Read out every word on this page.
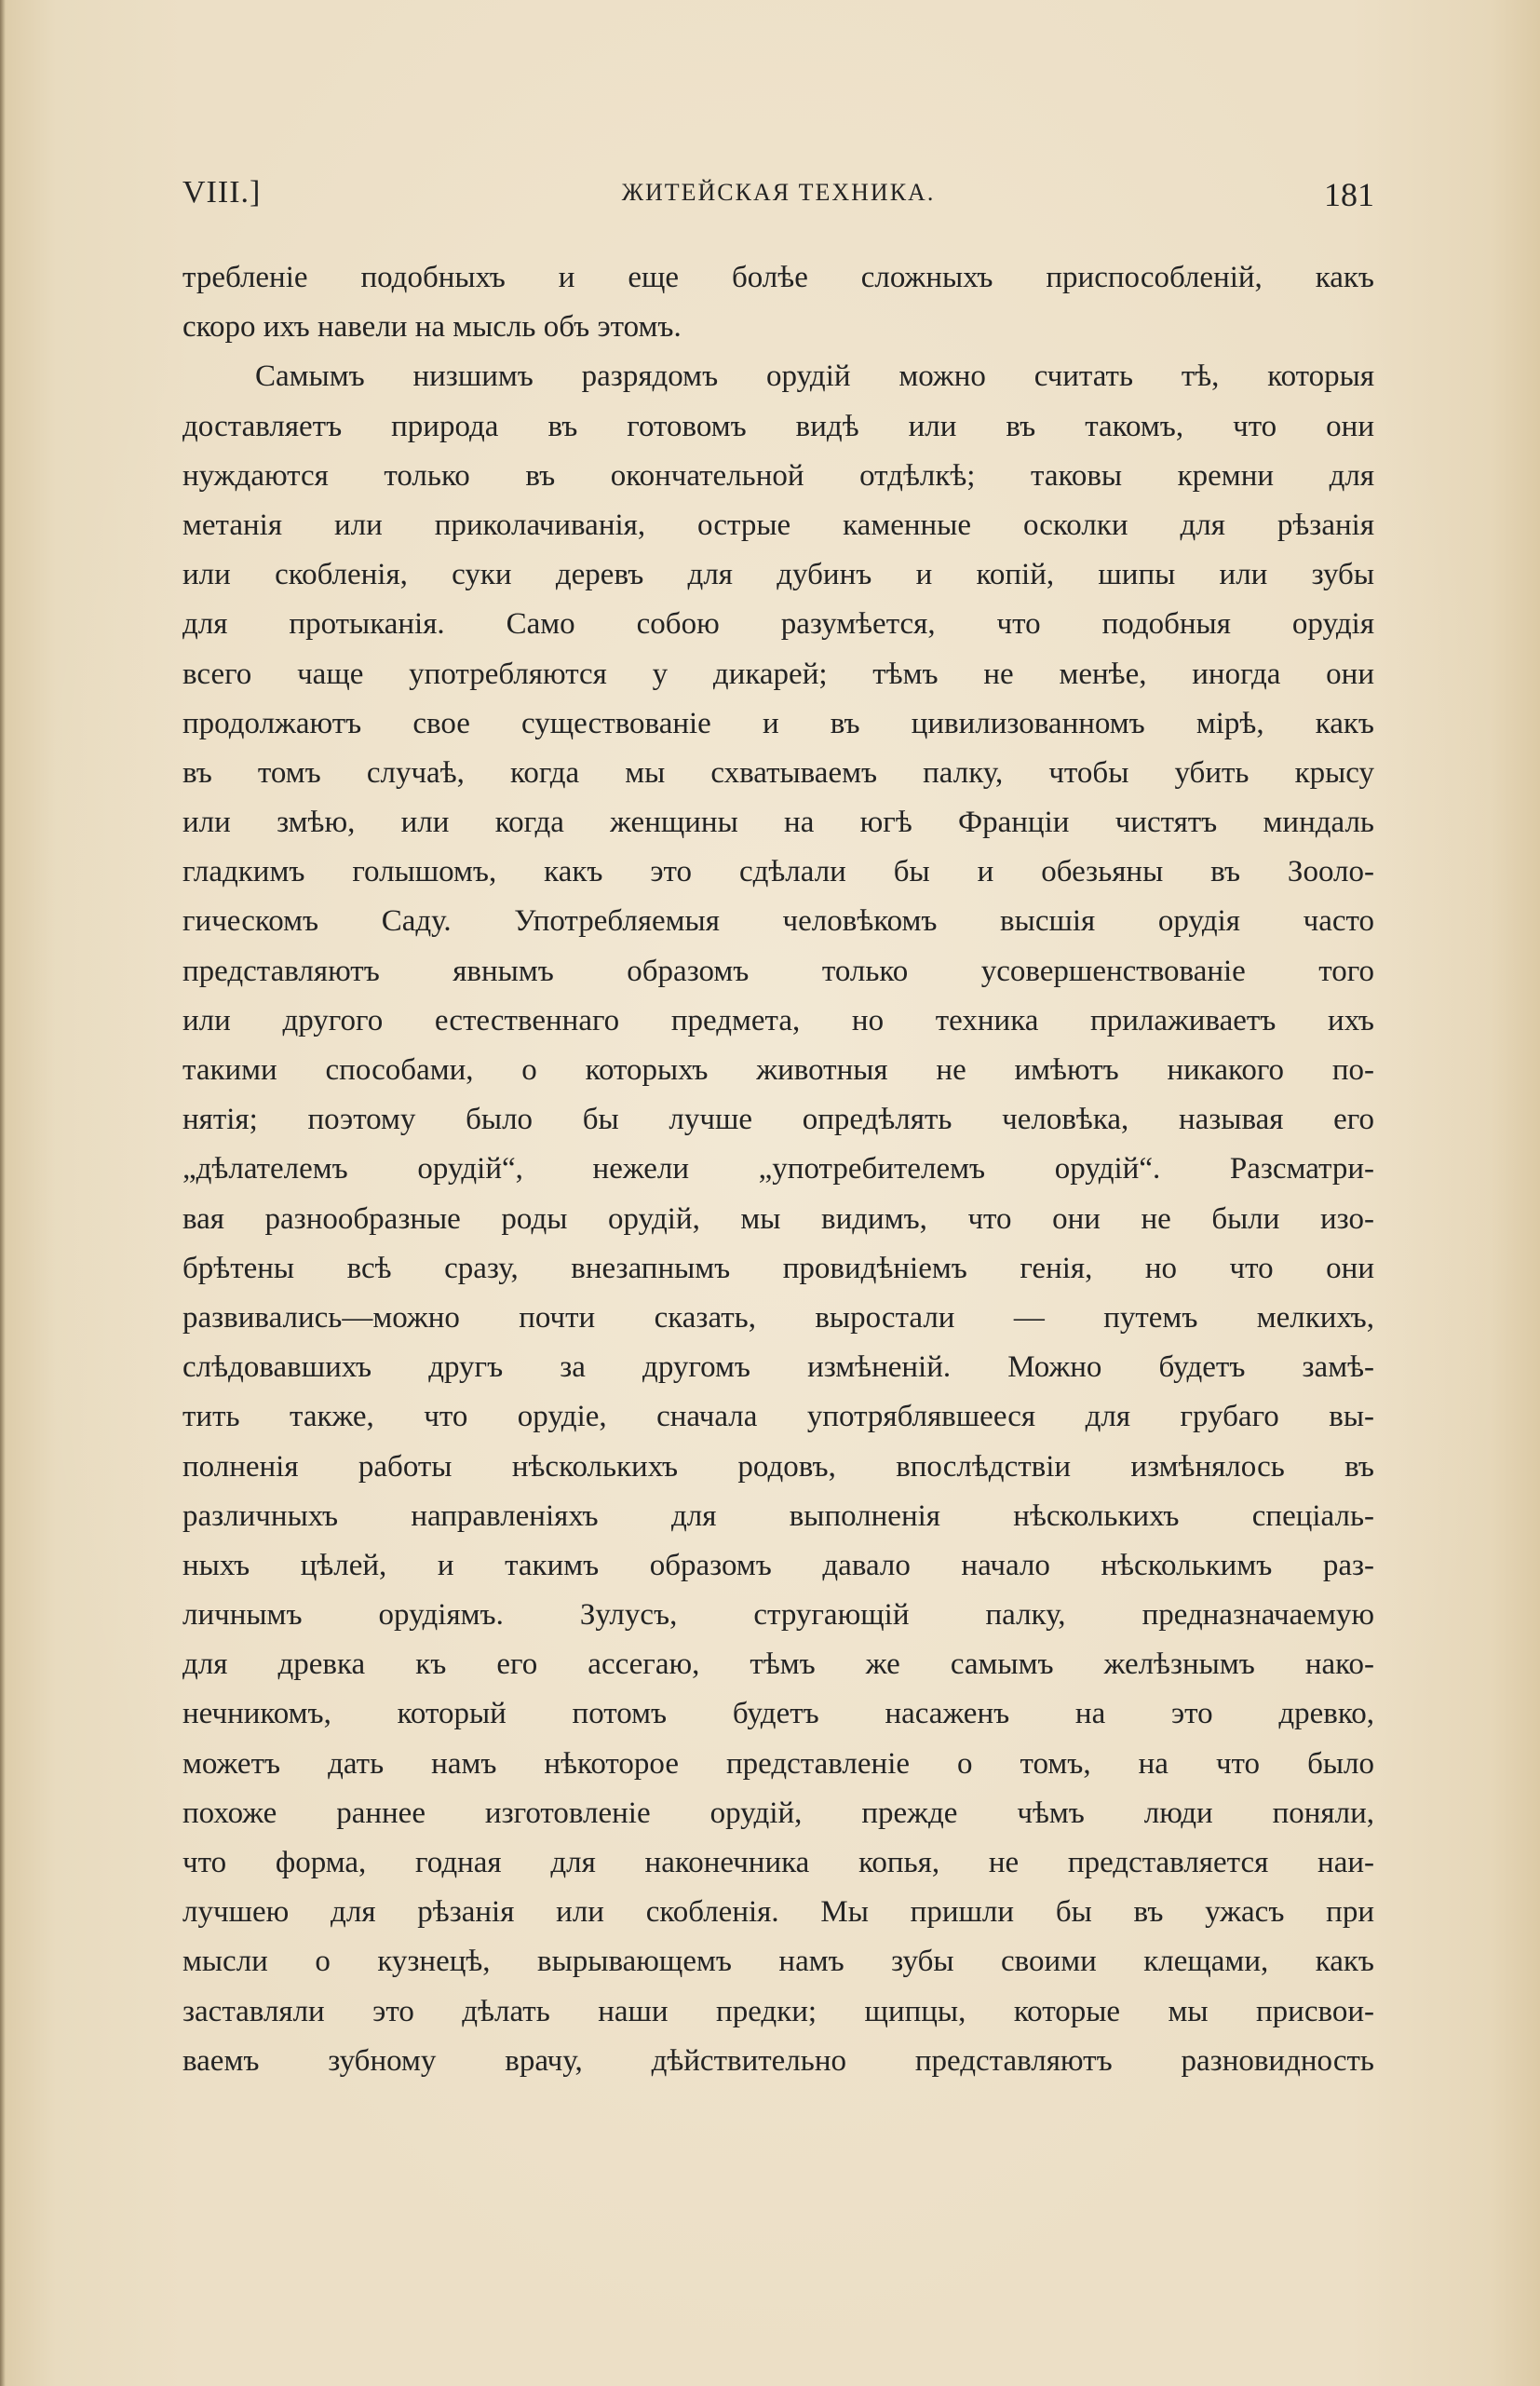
VIII.]	ЖИТЕЙСКАЯ ТЕХНИКА.	181
требленіе подобныхъ и еще болѣе сложныхъ приспособленій, какъ
скоро ихъ навели на мысль объ этомъ.
Самымъ низшимъ разрядомъ орудій можно считать тѣ, которыя
доставляетъ природа въ готовомъ видѣ или въ такомъ, что они
нуждаются только въ окончательной отдѣлкѣ; таковы кремни для
метанія или приколачиванія, острые каменные осколки для рѣзанія
или скобленія, суки деревъ для дубинъ и копій, шипы или зубы
для протыканія. Само собою разумѣется, что подобныя орудія
всего чаще употребляются у дикарей; тѣмъ не менѣе, иногда они
продолжаютъ свое существованіе и въ цивилизованномъ мірѣ, какъ
въ томъ случаѣ, когда мы схватываемъ палку, чтобы убить крысу
или змѣю, или когда женщины на югѣ Франціи чистятъ миндаль
гладкимъ голышомъ, какъ это сдѣлали бы и обезьяны въ Зооло-
гическомъ Саду. Употребляемыя человѣкомъ высшія орудія часто
представляютъ явнымъ образомъ только усовершенствованіе того
или другого естественнаго предмета, но техника прилаживаетъ ихъ
такими способами, о которыхъ животныя не имѣютъ никакого по-
нятія; поэтому было бы лучше опредѣлять человѣка, называя его
„дѣлателемъ орудій“, нежели „употребителемъ орудій“. Разсматри-
вая разнообразные роды орудій, мы видимъ, что они не были изо-
брѣтены всѣ сразу, внезапнымъ провидѣніемъ генія, но что они
развивались—можно почти сказать, выростали — путемъ мелкихъ,
слѣдовавшихъ другъ за другомъ измѣненій. Можно будетъ замѣ-
тить также, что орудіе, сначала употряблявшееся для грубаго вы-
полненія работы нѣсколькихъ родовъ, впослѣдствіи измѣнялось въ
различныхъ направленіяхъ для выполненія нѣсколькихъ спеціаль-
ныхъ цѣлей, и такимъ образомъ давало начало нѣсколькимъ раз-
личнымъ орудіямъ. Зулусъ, стругающій палку, предназначаемую
для древка къ его ассегаю, тѣмъ же самымъ желѣзнымъ нако-
нечникомъ, который потомъ будетъ насаженъ на это древко,
можетъ дать намъ нѣкоторое представленіе о томъ, на что было
похоже раннее изготовленіе орудій, прежде чѣмъ люди поняли,
что форма, годная для наконечника копья, не представляется наи-
лучшею для рѣзанія или скобленія. Мы пришли бы въ ужасъ при
мысли о кузнецѣ, вырывающемъ намъ зубы своими клещами, какъ
заставляли это дѣлать наши предки; щипцы, которые мы присвои-
ваемъ зубному врачу, дѣйствительно представляютъ разновидность
